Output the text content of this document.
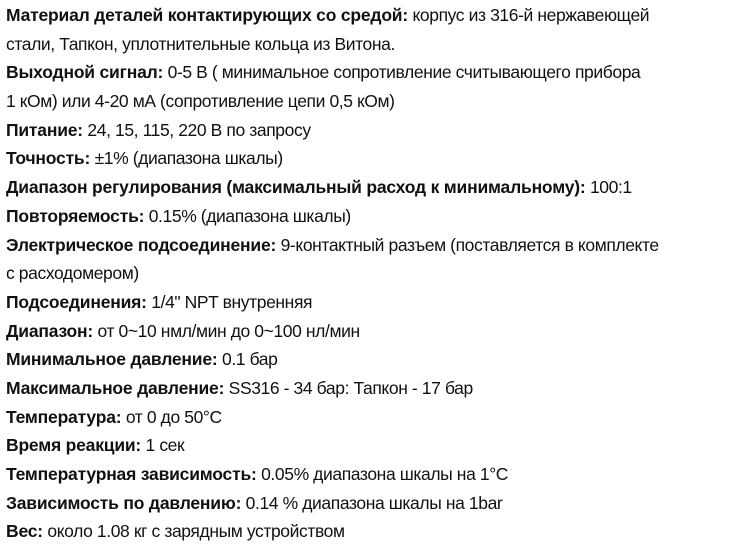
Материал деталей контактирующих со средой: корпус из 316-й нержавеющей
стали, Тапкон, уплотнительные кольца из Витона.
Выходной сигнал: 0-5 В ( минимальное сопротивление считывающего прибора
1 кОм) или 4-20 мА (сопротивление цепи 0,5 кОм)
Питание: 24, 15, 115, 220 В по запросу
Точность: ±1% (диапазона шкалы)
Диапазон регулирования (максимальный расход к минимальному): 100:1
Повторяемость: 0.15% (диапазона шкалы)
Электрическое подсоединение: 9-контактный разъем (поставляется в комплекте
с расходомером)
Подсоединения: 1/4" NPT внутренняя
Диапазон: от 0~10 нмл/мин до 0~100 нл/мин
Минимальное давление: 0.1 бар
Максимальное давление: SS316 - 34 бар: Тапкон - 17 бар
Температура: от 0 до 50°С
Время реакции: 1 сек
Температурная зависимость: 0.05% диапазона шкалы на 1°С
Зависимость по давлению: 0.14 % диапазона шкалы на 1bar
Вес: около 1.08 кг с зарядным устройством
